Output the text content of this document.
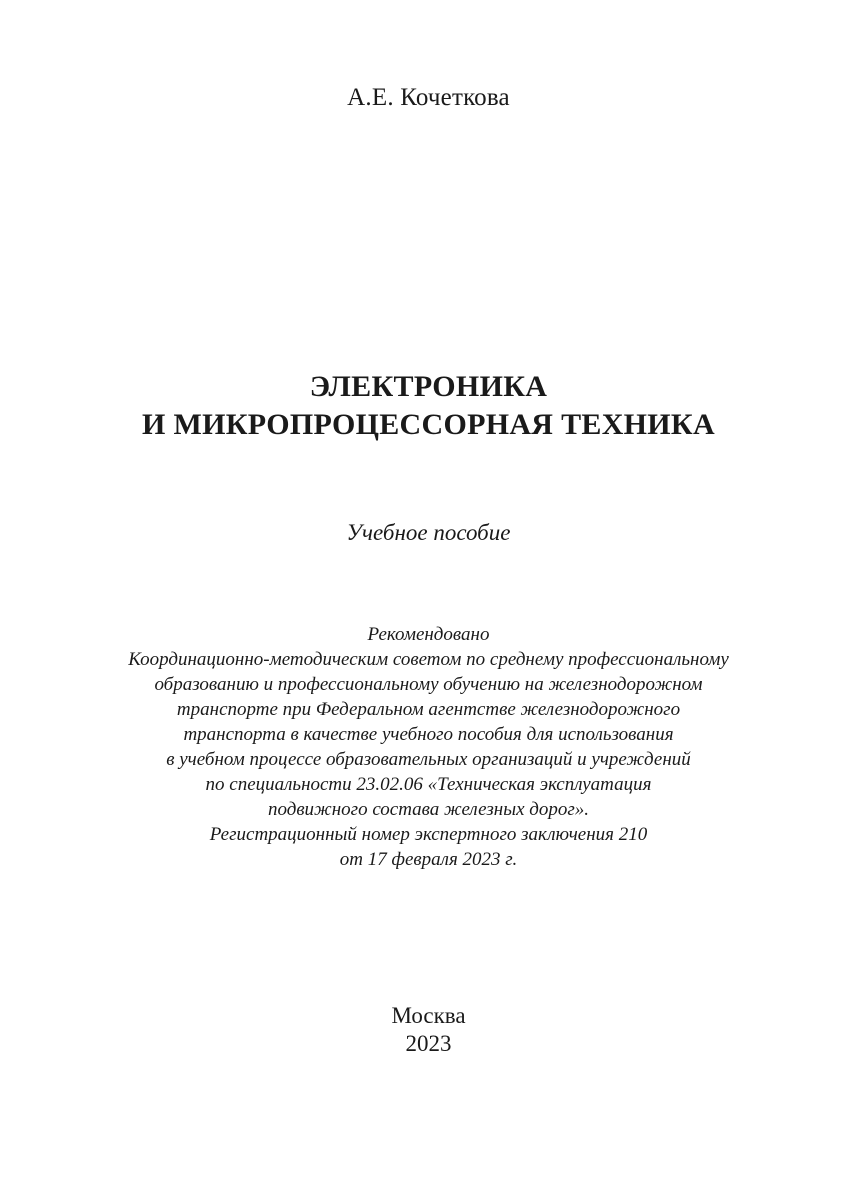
А.Е. Кочеткова
ЭЛЕКТРОНИКА
И МИКРОПРОЦЕССОРНАЯ ТЕХНИКА
Учебное пособие
Рекомендовано
Координационно-методическим советом по среднему профессиональному
образованию и профессиональному обучению на железнодорожном
транспорте при Федеральном агентстве железнодорожного
транспорта в качестве учебного пособия для использования
в учебном процессе образовательных организаций и учреждений
по специальности 23.02.06 «Техническая эксплуатация
подвижного состава железных дорог».
Регистрационный номер экспертного заключения 210
от 17 февраля 2023 г.
Москва
2023
